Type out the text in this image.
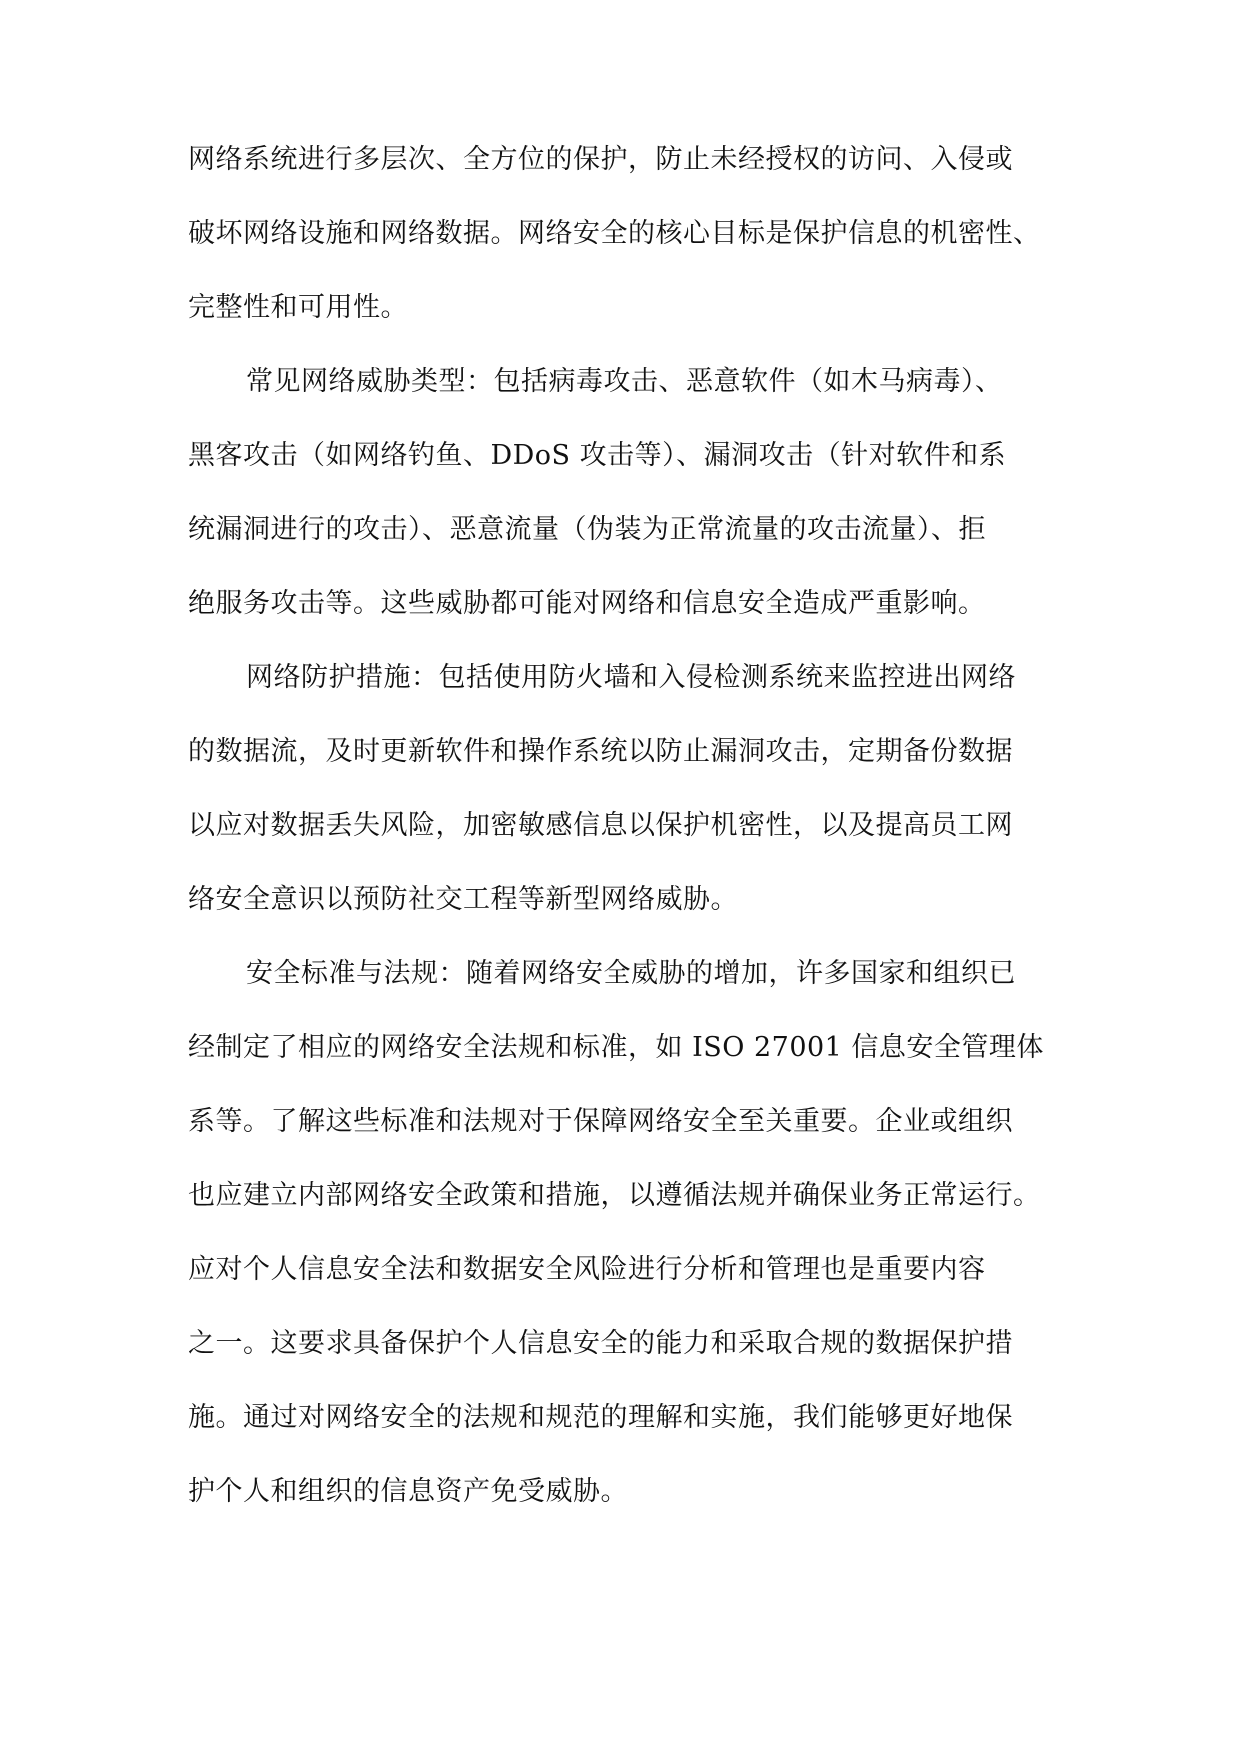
网络系统进行多层次、全方位的保护，防止未经授权的访问、入侵或
破坏网络设施和网络数据。网络安全的核心目标是保护信息的机密性、
完整性和可用性。
常见网络威胁类型：包括病毒攻击、恶意软件（如木马病毒）、
黑客攻击（如网络钓鱼、DDoS 攻击等）、漏洞攻击（针对软件和系
统漏洞进行的攻击）、恶意流量（伪装为正常流量的攻击流量）、拒
绝服务攻击等。这些威胁都可能对网络和信息安全造成严重影响。
网络防护措施：包括使用防火墙和入侵检测系统来监控进出网络
的数据流，及时更新软件和操作系统以防止漏洞攻击，定期备份数据
以应对数据丢失风险，加密敏感信息以保护机密性，以及提高员工网
络安全意识以预防社交工程等新型网络威胁。
安全标准与法规：随着网络安全威胁的增加，许多国家和组织已
经制定了相应的网络安全法规和标准，如 ISO 27001 信息安全管理体
系等。了解这些标准和法规对于保障网络安全至关重要。企业或组织
也应建立内部网络安全政策和措施，以遵循法规并确保业务正常运行。
应对个人信息安全法和数据安全风险进行分析和管理也是重要内容
之一。这要求具备保护个人信息安全的能力和采取合规的数据保护措
施。通过对网络安全的法规和规范的理解和实施，我们能够更好地保
护个人和组织的信息资产免受威胁。
